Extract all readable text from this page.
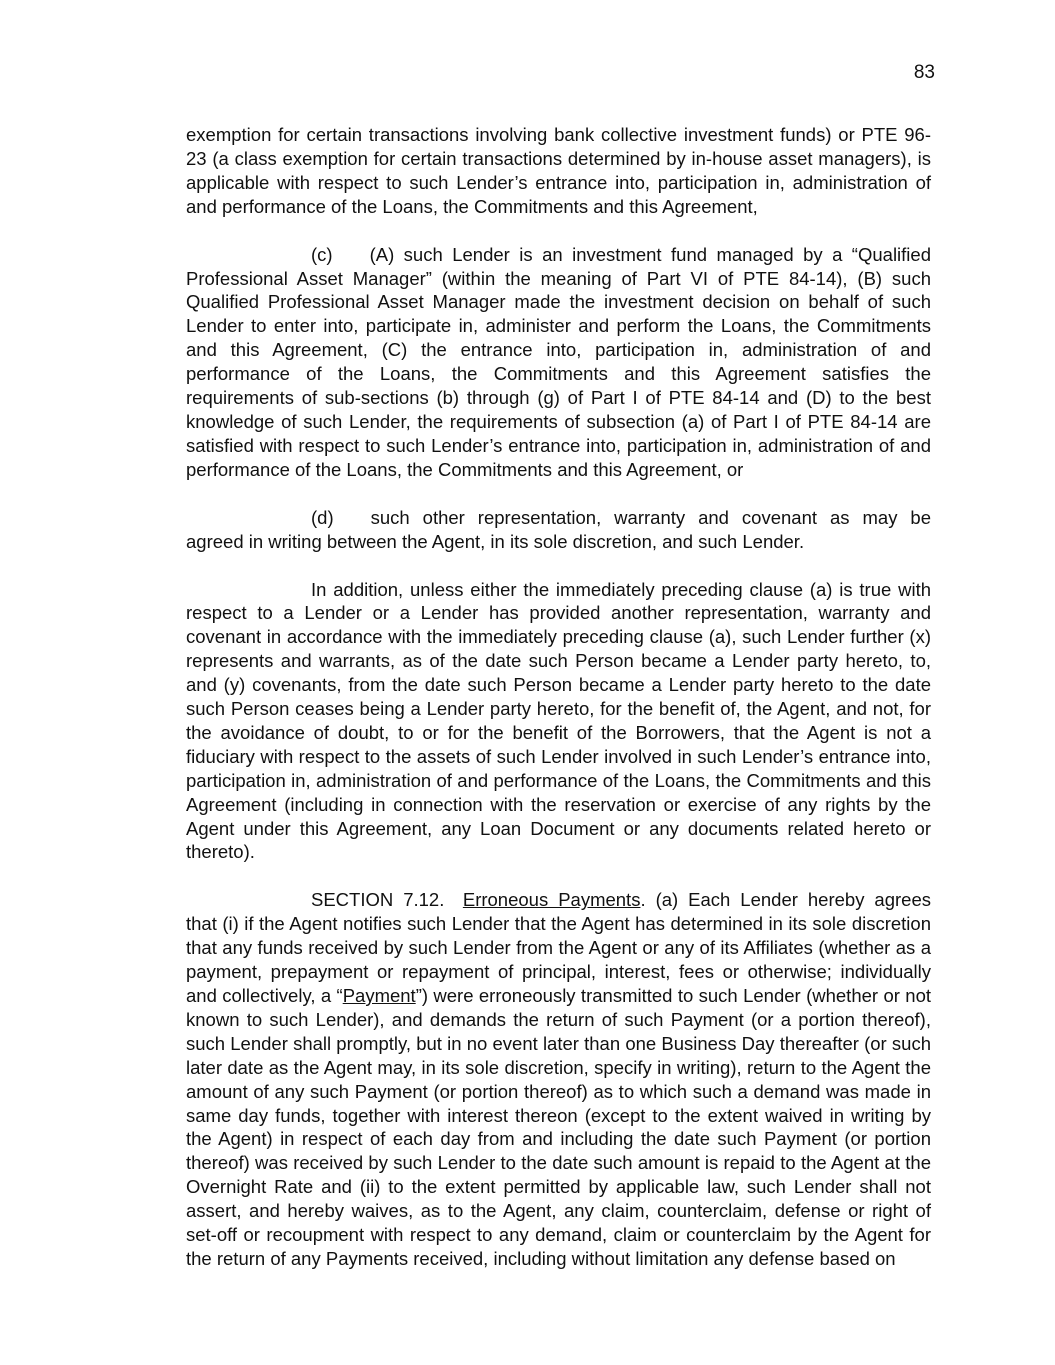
83

exemption for certain transactions involving bank collective investment funds) or PTE 96-23 (a class exemption for certain transactions determined by in-house asset managers), is applicable with respect to such Lender’s entrance into, participation in, administration of and performance of the Loans, the Commitments and this Agreement,

(c)  (A) such Lender is an investment fund managed by a “Qualified Professional Asset Manager” (within the meaning of Part VI of PTE 84-14), (B) such Qualified Professional Asset Manager made the investment decision on behalf of such Lender to enter into, participate in, administer and perform the Loans, the Commitments and this Agreement, (C) the entrance into, participation in, administration of and performance of the Loans, the Commitments and this Agreement satisfies the requirements of sub-sections (b) through (g) of Part I of PTE 84-14 and (D) to the best knowledge of such Lender, the requirements of subsection (a) of Part I of PTE 84-14 are satisfied with respect to such Lender’s entrance into, participation in, administration of and performance of the Loans, the Commitments and this Agreement, or

(d)  such other representation, warranty and covenant as may be agreed in writing between the Agent, in its sole discretion, and such Lender.

In addition, unless either the immediately preceding clause (a) is true with respect to a Lender or a Lender has provided another representation, warranty and covenant in accordance with the immediately preceding clause (a), such Lender further (x) represents and warrants, as of the date such Person became a Lender party hereto, to, and (y) covenants, from the date such Person became a Lender party hereto to the date such Person ceases being a Lender party hereto, for the benefit of, the Agent, and not, for the avoidance of doubt, to or for the benefit of the Borrowers, that the Agent is not a fiduciary with respect to the assets of such Lender involved in such Lender’s entrance into, participation in, administration of and performance of the Loans, the Commitments and this Agreement (including in connection with the reservation or exercise of any rights by the Agent under this Agreement, any Loan Document or any documents related hereto or thereto).

SECTION 7.12.  Erroneous Payments. (a) Each Lender hereby agrees that (i) if the Agent notifies such Lender that the Agent has determined in its sole discretion that any funds received by such Lender from the Agent or any of its Affiliates (whether as a payment, prepayment or repayment of principal, interest, fees or otherwise; individually and collectively, a “Payment”) were erroneously transmitted to such Lender (whether or not known to such Lender), and demands the return of such Payment (or a portion thereof), such Lender shall promptly, but in no event later than one Business Day thereafter (or such later date as the Agent may, in its sole discretion, specify in writing), return to the Agent the amount of any such Payment (or portion thereof) as to which such a demand was made in same day funds, together with interest thereon (except to the extent waived in writing by the Agent) in respect of each day from and including the date such Payment (or portion thereof) was received by such Lender to the date such amount is repaid to the Agent at the Overnight Rate and (ii) to the extent permitted by applicable law, such Lender shall not assert, and hereby waives, as to the Agent, any claim, counterclaim, defense or right of set-off or recoupment with respect to any demand, claim or counterclaim by the Agent for the return of any Payments received, including without limitation any defense based on
